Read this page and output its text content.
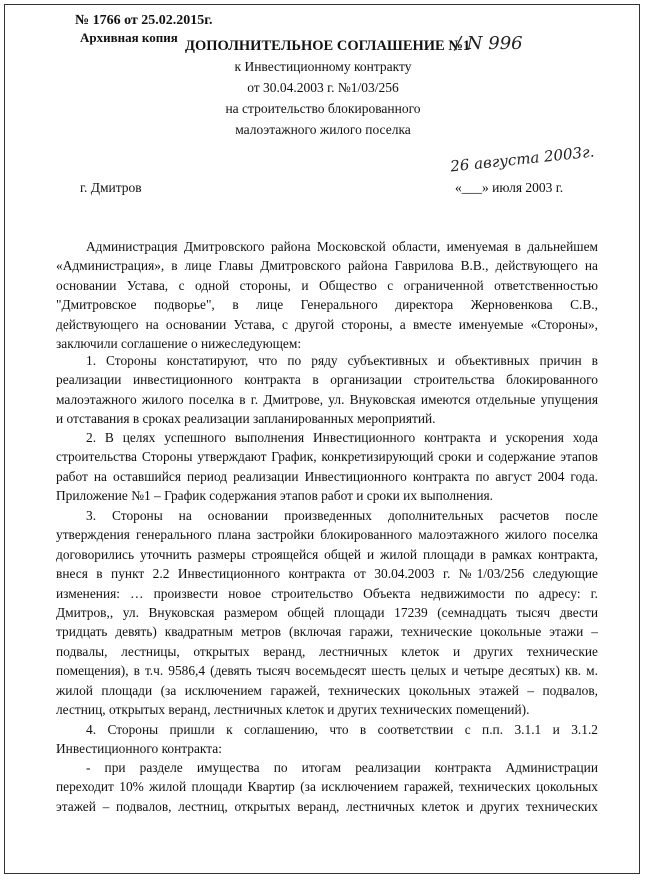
№ 1766 от 25.02.2015г.
Архивная копия
ДОПОЛНИТЕЛЬНОЕ СОГЛАШЕНИЕ №1
/ N 996
к Инвестиционному контракту
от 30.04.2003 г. №1/03/256
на строительство блокированного
малоэтажного жилого поселка
26 августа 2003г.
г. Дмитров	«___» июля 2003 г.
Администрация Дмитровского района Московской области, именуемая в дальнейшем
«Администрация», в лице Главы Дмитровского района Гаврилова В.В., действующего на
основании Устава, с одной стороны, и Общество с ограниченной ответственностью
"Дмитровское подворье", в лице Генерального директора Жерновенкова С.В.,
действующего на основании Устава, с другой стороны, а вместе именуемые «Стороны»,
заключили соглашение о нижеследующем:
1. Стороны констатируют, что по ряду субъективных и объективных причин в
реализации инвестиционного контракта в организации строительства блокированного
малоэтажного жилого поселка в г. Дмитрове, ул. Внуковская имеются отдельные упущения
и отставания в сроках реализации запланированных мероприятий.
2. В целях успешного выполнения Инвестиционного контракта и ускорения хода
строительства Стороны утверждают График, конкретизирующий сроки и содержание этапов
работ на оставшийся период реализации Инвестиционного контракта по август 2004 года.
Приложение №1 – График содержания этапов работ и сроки их выполнения.
3. Стороны на основании произведенных дополнительных расчетов после
утверждения генерального плана застройки блокированного малоэтажного жилого поселка
договорились уточнить размеры строящейся общей и жилой площади в рамках контракта,
внеся в пункт 2.2 Инвестиционного контракта от 30.04.2003 г. №1/03/256 следующие
изменения: … произвести новое строительство Объекта недвижимости по адресу: г.
Дмитров,, ул. Внуковская размером общей площади 17239 (семнадцать тысяч двести
тридцать девять) квадратным метров (включая гаражи, технические цокольные этажи –
подвалы, лестницы, открытых веранд, лестничных клеток и других технические
помещения), в т.ч. 9586,4 (девять тысяч восемьдесят шесть целых и четыре десятых) кв. м.
жилой площади (за исключением гаражей, технических цокольных этажей – подвалов,
лестниц, открытых веранд, лестничных клеток и других технических помещений).
4. Стороны пришли к соглашению, что в соответствии с п.п. 3.1.1 и 3.1.2
Инвестиционного контракта:
- при разделе имущества по итогам реализации контракта Администрации
переходит 10% жилой площади Квартир (за исключением гаражей, технических цокольных
этажей – подвалов, лестниц, открытых веранд, лестничных клеток и других технических
